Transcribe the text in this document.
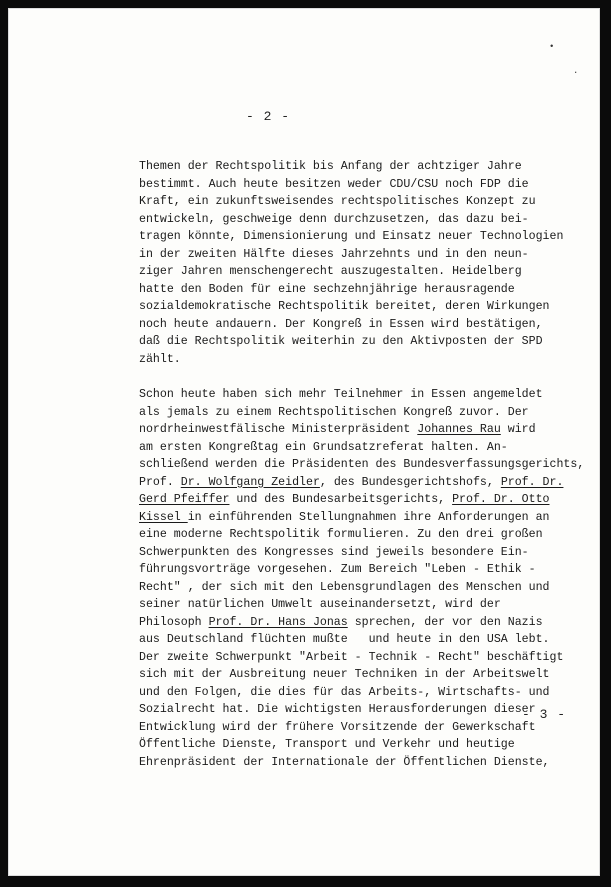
•
·
- 2 -

Themen der Rechtspolitik bis Anfang der achtziger Jahre
bestimmt. Auch heute besitzen weder CDU/CSU noch FDP die
Kraft, ein zukunftsweisendes rechtspolitisches Konzept zu
entwickeln, geschweige denn durchzusetzen, das dazu bei-
tragen könnte, Dimensionierung und Einsatz neuer Technologien
in der zweiten Hälfte dieses Jahrzehnts und in den neun-
ziger Jahren menschengerecht auszugestalten. Heidelberg
hatte den Boden für eine sechzehnjährige herausragende
sozialdemokratische Rechtspolitik bereitet, deren Wirkungen
noch heute andauern. Der Kongreß in Essen wird bestätigen,
daß die Rechtspolitik weiterhin zu den Aktivposten der SPD
zählt.

Schon heute haben sich mehr Teilnehmer in Essen angemeldet
als jemals zu einem Rechtspolitischen Kongreß zuvor. Der
nordrheinwestfälische Ministerpräsident Johannes Rau wird
am ersten Kongreßtag ein Grundsatzreferat halten. An-
schließend werden die Präsidenten des Bundesverfassungsgerichts,
Prof. Dr. Wolfgang Zeidler, des Bundesgerichtshofs, Prof. Dr.
Gerd Pfeiffer und des Bundesarbeitsgerichts, Prof. Dr. Otto
Kissel in einführenden Stellungnahmen ihre Anforderungen an
eine moderne Rechtspolitik formulieren. Zu den drei großen
Schwerpunkten des Kongresses sind jeweils besondere Ein-
führungsvorträge vorgesehen. Zum Bereich "Leben - Ethik -
Recht" , der sich mit den Lebensgrundlagen des Menschen und
seiner natürlichen Umwelt auseinandersetzt, wird der
Philosoph Prof. Dr. Hans Jonas sprechen, der vor den Nazis
aus Deutschland flüchten mußte   und heute in den USA lebt.
Der zweite Schwerpunkt "Arbeit - Technik - Recht" beschäftigt
sich mit der Ausbreitung neuer Techniken in der Arbeitswelt
und den Folgen, die dies für das Arbeits-, Wirtschafts- und
Sozialrecht hat. Die wichtigsten Herausforderungen dieser
Entwicklung wird der frühere Vorsitzende der Gewerkschaft
Öffentliche Dienste, Transport und Verkehr und heutige
Ehrenpräsident der Internationale der Öffentlichen Dienste,

- 3 -
